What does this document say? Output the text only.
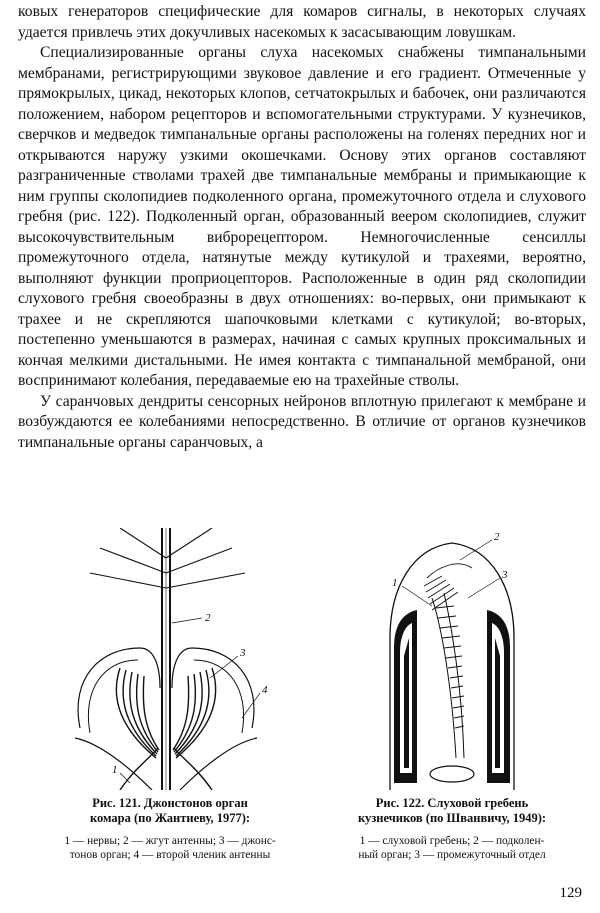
ковых генераторов специфические для комаров сигналы, в некоторых случаях удается привлечь этих докучливых насекомых к засасывающим ловушкам.

Специализированные органы слуха насекомых снабжены тимпанальными мембранами, регистрирующими звуковое давление и его градиент. Отмеченные у прямокрылых, цикад, некоторых клопов, сетчатокрылых и бабочек, они различаются положением, набором рецепторов и вспомогательными структурами. У кузнечиков, сверчков и медведок тимпанальные органы расположены на голенях передних ног и открываются наружу узкими окошечками. Основу этих органов составляют разграниченные стволами трахей две тимпанальные мембраны и примыкающие к ним группы сколопидиев подколенного органа, промежуточного отдела и слухового гребня (рис. 122). Подколенный орган, образованный веером сколопидиев, служит высокочувствительным виброрецептором. Немногочисленные сенсиллы промежуточного отдела, натянутые между кутикулой и трахеями, вероятно, выполняют функции проприоцепторов. Расположенные в один ряд сколопидии слухового гребня своеобразны в двух отношениях: во-первых, они примыкают к трахее и не скрепляются шапочковыми клетками с кутикулой; во-вторых, постепенно уменьшаются в размерах, начиная с самых крупных проксимальных и кончая мелкими дистальными. Не имея контакта с тимпанальной мембраной, они воспринимают колебания, передаваемые ею на трахейные стволы.

У саранчовых дендриты сенсорных нейронов вплотную прилегают к мембране и возбуждаются ее колебаниями непосредственно. В отличие от органов кузнечиков тимпанальные органы саранчовых, а

2
3
4
1
Рис. 121. Джонстонов орган
комара (по Жантиеву, 1977):
1 — нервы; 2 — жгут антенны; 3 — джонс-
тонов орган; 4 — второй членик антенны
2
3
1
Рис. 122. Слуховой гребень
кузнечиков (по Шванвичу, 1949):
1 — слуховой гребень; 2 — подколен-
ный орган; 3 — промежуточный отдел
129
